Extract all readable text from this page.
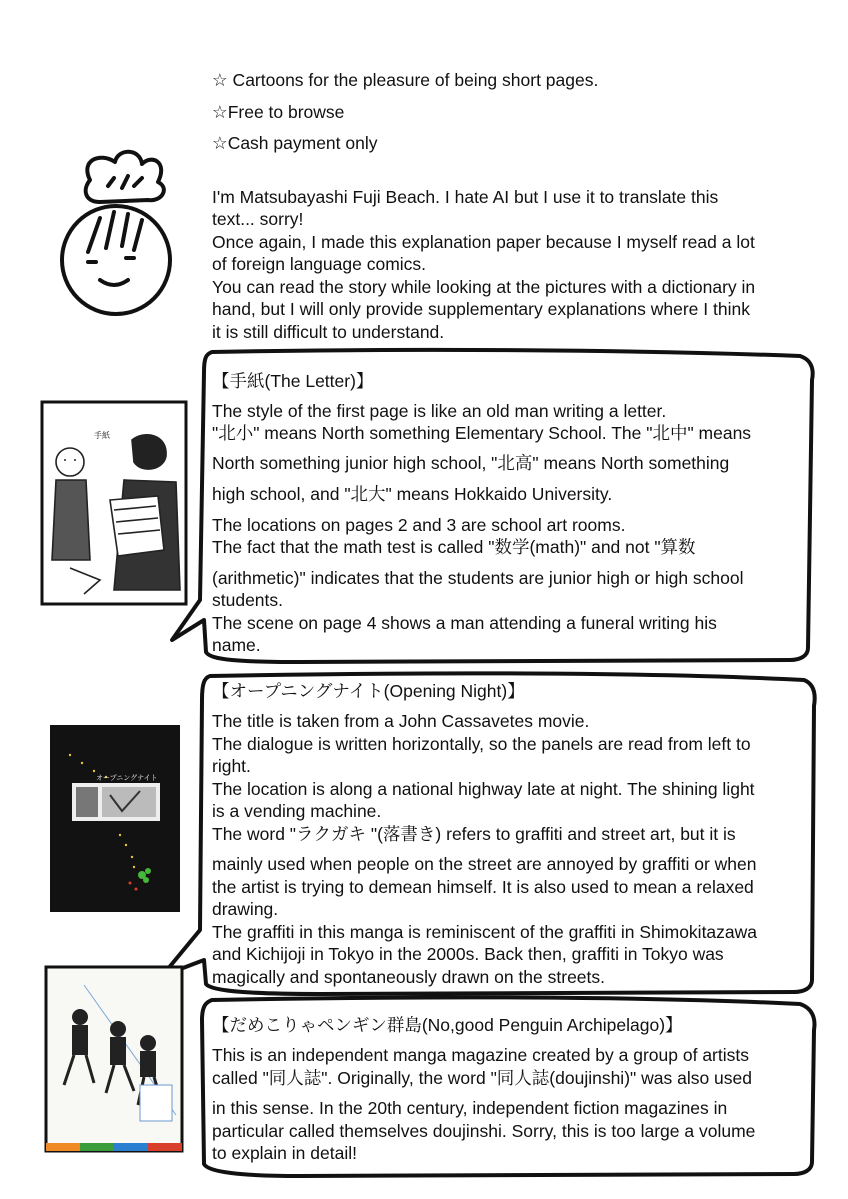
☆ Cartoons for the pleasure of being short pages.
☆Free to browse
☆Cash payment only
I'm Matsubayashi Fuji Beach. I hate AI but I use it to translate this
text... sorry!
Once again, I made this explanation paper because I myself read a lot
of foreign language comics.
You can read the story while looking at the pictures with a dictionary in
hand, but I will only provide supplementary explanations where I think
it is still difficult to understand.
手紙
【手紙(The Letter)】
The style of the first page is like an old man writing a letter.
"北小" means North something Elementary School. The "北中" means
North something junior high school, "北高" means North something
high school, and "北大" means Hokkaido University.
The locations on pages 2 and 3 are school art rooms.
The fact that the math test is called "数学(math)" and not "算数
(arithmetic)" indicates that the students are junior high or high school
students.
The scene on page 4 shows a man attending a funeral writing his
name.
オープニングナイト
【オープニングナイト(Opening Night)】
The title is taken from a John Cassavetes movie.
The dialogue is written horizontally, so the panels are read from left to
right.
The location is along a national highway late at night. The shining light
is a vending machine.
The word "ラクガキ "(落書き) refers to graffiti and street art, but it is
mainly used when people on the street are annoyed by graffiti or when
the artist is trying to demean himself. It is also used to mean a relaxed
drawing.
The graffiti in this manga is reminiscent of the graffiti in Shimokitazawa
and Kichijoji in Tokyo in the 2000s. Back then, graffiti in Tokyo was
magically and spontaneously drawn on the streets.
【だめこりゃペンギン群島(No,good Penguin Archipelago)】
This is an independent manga magazine created by a group of artists
called "同人誌". Originally, the word "同人誌(doujinshi)" was also used
in this sense. In the 20th century, independent fiction magazines in
particular called themselves doujinshi. Sorry, this is too large a volume
to explain in detail!
